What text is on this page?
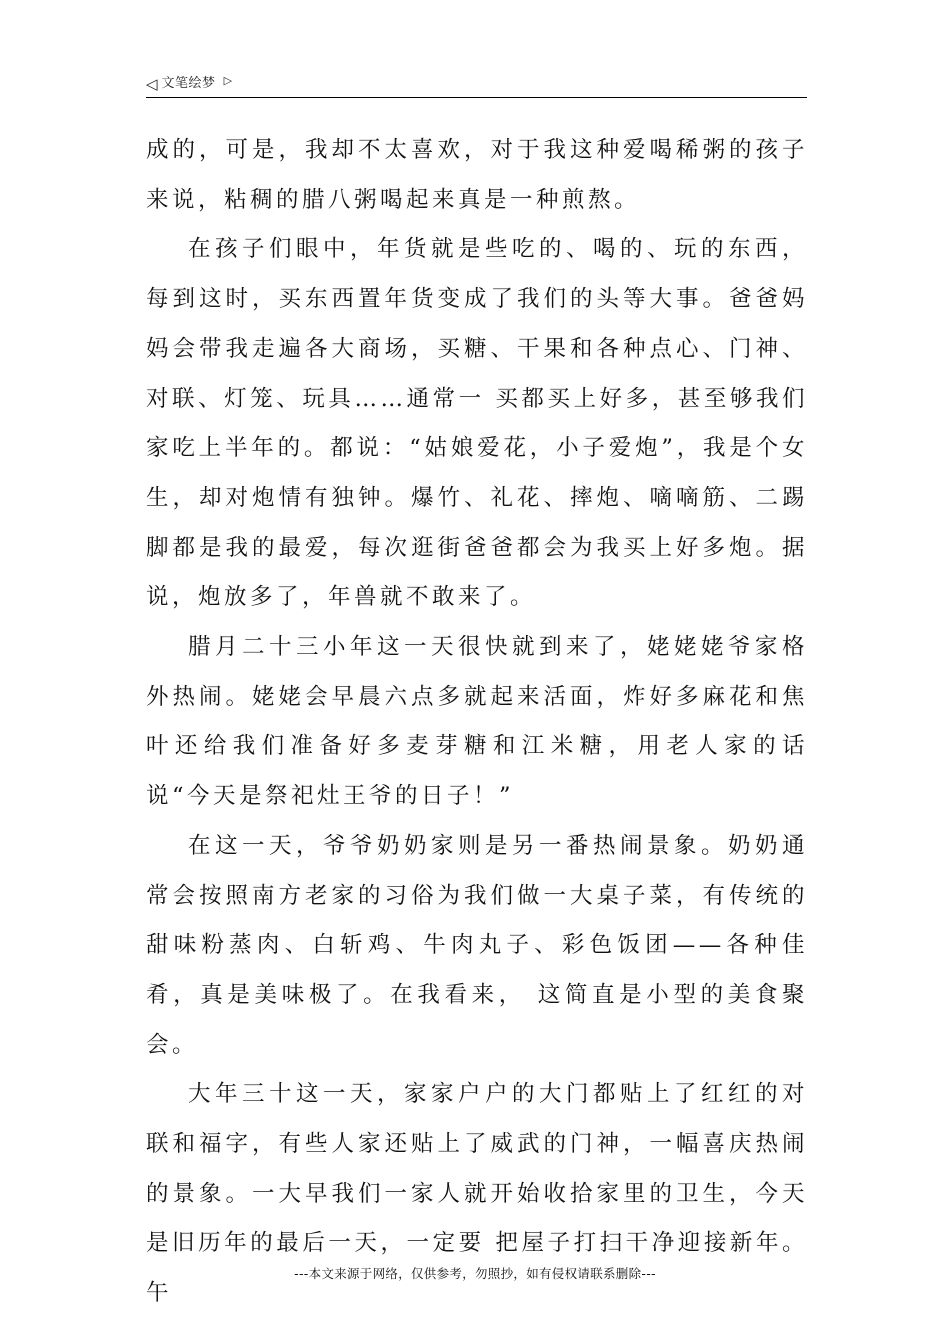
◁ 文笔绘梦 ▷

成的，可是，我却不太喜欢，对于我这种爱喝稀粥的孩子来说，粘稠的腊八粥喝起来真是一种煎熬。

在孩子们眼中，年货就是些吃的、喝的、玩的东西，每到这时，买东西置年货变成了我们的头等大事。爸爸妈妈会带我走遍各大商场，买糖、干果和各种点心、门神、对联、灯笼、玩具……通常一 买都买上好多，甚至够我们家吃上半年的。都说：“姑娘爱花，小子爱炮”，我是个女生，却对炮情有独钟。爆竹、礼花、摔炮、嘀嘀筋、二踢脚都是我的最爱，每次逛街爸爸都会为我买上好多炮。据说，炮放多了，年兽就不敢来了。

腊月二十三小年这一天很快就到来了，姥姥姥爷家格外热闹。姥姥会早晨六点多就起来活面，炸好多麻花和焦叶还给我们准备好多麦芽糖和江米糖，用老人家的话说“今天是祭祀灶王爷的日子！”

在这一天，爷爷奶奶家则是另一番热闹景象。奶奶通常会按照南方老家的习俗为我们做一大桌子菜，有传统的甜味粉蒸肉、白斩鸡、牛肉丸子、彩色饭团——各种佳肴，真是美味极了。在我看来， 这简直是小型的美食聚会。

大年三十这一天，家家户户的大门都贴上了红红的对联和福字，有些人家还贴上了威武的门神，一幅喜庆热闹的景象。一大早我们一家人就开始收拾家里的卫生，今天是旧历年的最后一天，一定要 把屋子打扫干净迎接新年。午

---本文来源于网络，仅供参考，勿照抄，如有侵权请联系删除---
